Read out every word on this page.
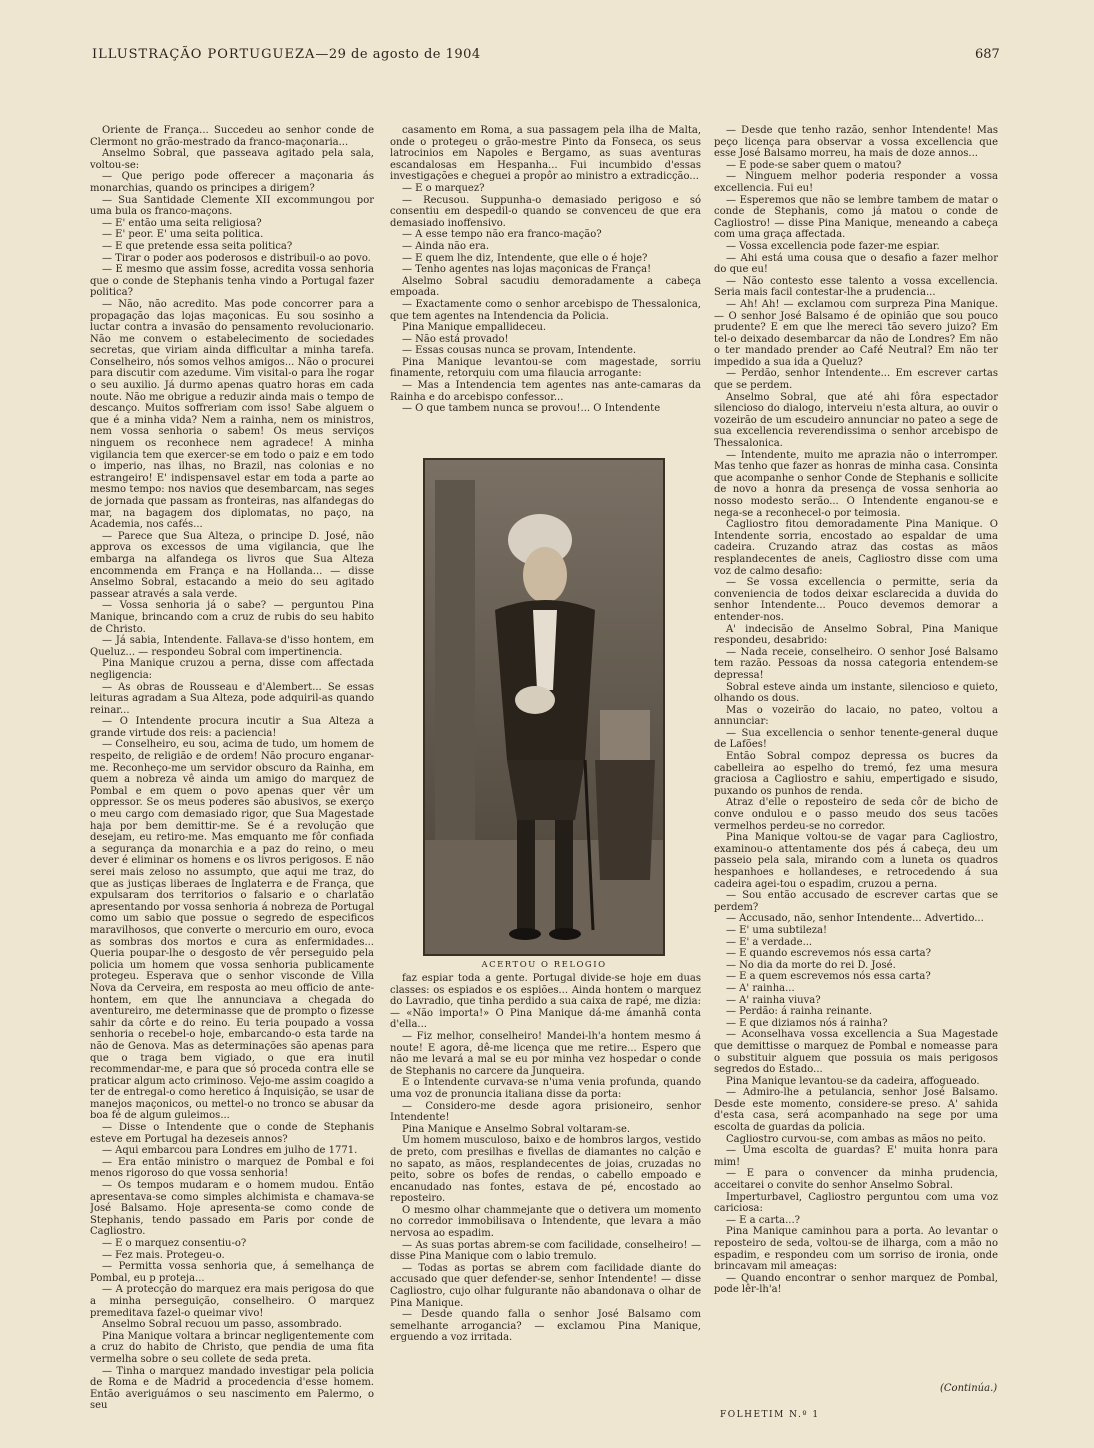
ILLUSTRAÇÃO PORTUGUEZA—29 de agosto de 1904	687

Oriente de França... Succedeu ao senhor conde de Clermont no grão-mestrado da franco-maçonaria...

Anselmo Sobral, que passeava agitado pela sala, voltou-se:

— Que perigo pode offerecer a maçonaria ás monarchias, quando os principes a dirigem?

— Sua Santidade Clemente XII excommungou por uma bula os franco-maçons.

— E' então uma seita religiosa?

— E' peor. E' uma seita politica.

— E que pretende essa seita politica?

— Tirar o poder aos poderosos e distribuil-o ao povo.

— E mesmo que assim fosse, acredita vossa senhoria que o conde de Stephanis tenha vindo a Portugal fazer politica?

— Não, não acredito. Mas pode concorrer para a propagação das lojas maçonicas. Eu sou sosinho a luctar contra a invasão do pensamento revolucionario. Não me convem o estabelecimento de sociedades secretas, que viriam ainda difficultar a minha tarefa. Conselheiro, nós somos velhos amigos... Não o procurei para discutir com azedume. Vim visital-o para lhe rogar o seu auxilio. Já durmo apenas quatro horas em cada noute. Não me obrigue a reduzir ainda mais o tempo de descanço. Muitos soffreriam com isso! Sabe alguem o que é a minha vida? Nem a rainha, nem os ministros, nem vossa senhoria o sabem! Os meus serviços ninguem os reconhece nem agradece! A minha vigilancia tem que exercer-se em todo o paiz e em todo o imperio, nas ilhas, no Brazil, nas colonias e no estrangeiro! E' indispensavel estar em toda a parte ao mesmo tempo: nos navios que desembarcam, nas seges de jornada que passam as fronteiras, nas alfandegas do mar, na bagagem dos diplomatas, no paço, na Academia, nos cafés...

— Parece que Sua Alteza, o principe D. José, não approva os excessos de uma vigilancia, que lhe embarga na alfandega os livros que Sua Alteza encommenda em França e na Hollanda... — disse Anselmo Sobral, estacando a meio do seu agitado passear através a sala verde.

— Vossa senhoria já o sabe? — perguntou Pina Manique, brincando com a cruz de rubis do seu habito de Christo.

— Já sabia, Intendente. Fallava-se d'isso hontem, em Queluz... — respondeu Sobral com impertinencia.

Pina Manique cruzou a perna, disse com affectada negligencia:

— As obras de Rousseau e d'Alembert... Se essas leituras agradam a Sua Alteza, pode adquiril-as quando reinar...

— O Intendente procura incutir a Sua Alteza a grande virtude dos reis: a paciencia!

— Conselheiro, eu sou, acima de tudo, um homem de respeito, de religião e de ordem! Não procuro enganar-me. Reconheço-me um servidor obscuro da Rainha, em quem a nobreza vê ainda um amigo do marquez de Pombal e em quem o povo apenas quer vêr um oppressor. Se os meus poderes são abusivos, se exerço o meu cargo com demasiado rigor, que Sua Magestade haja por bem demittir-me. Se é a revolução que desejam, eu retiro-me. Mas emquanto me fôr confiada a segurança da monarchia e a paz do reino, o meu dever é eliminar os homens e os livros perigosos. E não serei mais zeloso no assumpto, que aqui me traz, do que as justiças liberaes de Inglaterra e de França, que expulsaram dos territorios o falsario e o charlatão apresentando por vossa senhoria á nobreza de Portugal como um sabio que possue o segredo de especificos maravilhosos, que converte o mercurio em ouro, evoca as sombras dos mortos e cura as enfermidades... Queria poupar-lhe o desgosto de vêr perseguido pela policia um homem que vossa senhoria publicamente protegeu. Esperava que o senhor visconde de Villa Nova da Cerveira, em resposta ao meu officio de ante-hontem, em que lhe annunciava a chegada do aventureiro, me determinasse que de prompto o fizesse sahir da côrte e do reino. Eu teria poupado a vossa senhoria o recebel-o hoje, embarcando-o esta tarde na não de Genova. Mas as determinações são apenas para que o traga bem vigiado, o que era inutil recommendar-me, e para que só proceda contra elle se praticar algum acto criminoso. Vejo-me assim coagido a ter de entregal-o como heretico á Inquisição, se usar de manejos maçonicos, ou mettel-o no tronco se abusar da boa fé de algum guleimos...

— Disse o Intendente que o conde de Stephanis esteve em Portugal ha dezeseis annos?

— Aqui embarcou para Londres em julho de 1771.

— Era então ministro o marquez de Pombal e foi menos rigoroso do que vossa senhoria!

— Os tempos mudaram e o homem mudou. Então apresentava-se como simples alchimista e chamava-se José Balsamo. Hoje apresenta-se como conde de Stephanis, tendo passado em Paris por conde de Cagliostro.

— E o marquez consentiu-o?

— Fez mais. Protegeu-o.

— Permitta vossa senhoria que, á semelhança de Pombal, eu p proteja...

— A protecção do marquez era mais perigosa do que a minha perseguição, conselheiro. O marquez premeditava fazel-o queimar vivo!

Anselmo Sobral recuou um passo, assombrado.

Pina Manique voltara a brincar negligentemente com a cruz do habito de Christo, que pendia de uma fita vermelha sobre o seu collete de seda preta.

— Tinha o marquez mandado investigar pela policia de Roma e de Madrid a procedencia d'esse homem. Então averiguámos o seu nascimento em Palermo, o seu

casamento em Roma, a sua passagem pela ilha de Malta, onde o protegeu o grão-mestre Pinto da Fonseca, os seus latrocinios em Napoles e Bergamo, as suas aventuras escandalosas em Hespanha... Fui incumbido d'essas investigações e cheguei a propôr ao ministro a extradicção...

— E o marquez?

— Recusou. Suppunha-o demasiado perigoso e só consentiu em despedil-o quando se convenceu de que era demasiado inoffensivo.

— A esse tempo não era franco-mação?

— Ainda não era.

— E quem lhe diz, Intendente, que elle o é hoje?

— Tenho agentes nas lojas maçonicas de França!

Alselmo Sobral sacudiu demoradamente a cabeça empoada.

— Exactamente como o senhor arcebispo de Thessalonica, que tem agentes na Intendencia da Policia.

Pina Manique empallideceu.

— Não está provado!

— Essas cousas nunca se provam, Intendente.

Pina Manique levantou-se com magestade, sorriu finamente, retorquiu com uma filaucia arrogante:

— Mas a Intendencia tem agentes nas ante-camaras da Rainha e do arcebispo confessor...

— O que tambem nunca se provou!... O Intendente

ACERTOU O RELOGIO

faz espiar toda a gente. Portugal divide-se hoje em duas classes: os espiados e os espiões... Ainda hontem o marquez do Lavradio, que tinha perdido a sua caixa de rapé, me dizia: — «Não importa!» O Pina Manique dá-me ámanhã conta d'ella...

— Fiz melhor, conselheiro! Mandei-lh'a hontem mesmo á noute! E agora, dê-me licença que me retire... Espero que não me levará a mal se eu por minha vez hospedar o conde de Stephanis no carcere da Junqueira.

E o Intendente curvava-se n'uma venia profunda, quando uma voz de pronuncia italiana disse da porta:

— Considero-me desde agora prisioneiro, senhor Intendente!

Pina Manique e Anselmo Sobral voltaram-se.

Um homem musculoso, baixo e de hombros largos, vestido de preto, com presilhas e fivellas de diamantes no calção e no sapato, as mãos, resplandecentes de joias, cruzadas no peito, sobre os bofes de rendas, o cabello empoado e encanudado nas fontes, estava de pé, encostado ao reposteiro.

O mesmo olhar chammejante que o detivera um momento no corredor immobilisava o Intendente, que levara a mão nervosa ao espadim.

— As suas portas abrem-se com facilidade, conselheiro! — disse Pina Manique com o labio tremulo.

— Todas as portas se abrem com facilidade diante do accusado que quer defender-se, senhor Intendente! — disse Cagliostro, cujo olhar fulgurante não abandonava o olhar de Pina Manique.

— Desde quando falla o senhor José Balsamo com semelhante arrogancia? — exclamou Pina Manique, erguendo a voz irritada.

— Desde que tenho razão, senhor Intendente! Mas peço licença para observar a vossa excellencia que esse José Balsamo morreu, ha mais de doze annos...

— E pode-se saber quem o matou?

— Ninguem melhor poderia responder a vossa excellencia. Fui eu!

— Esperemos que não se lembre tambem de matar o conde de Stephanis, como já matou o conde de Cagliostro! — disse Pina Manique, meneando a cabeça com uma graça affectada.

— Vossa excellencia pode fazer-me espiar.

— Ahi está uma cousa que o desafio a fazer melhor do que eu!

— Não contesto esse talento a vossa excellencia. Seria mais facil contestar-lhe a prudencia...

— Ah! Ah! — exclamou com surpreza Pina Manique. — O senhor José Balsamo é de opinião que sou pouco prudente? E em que lhe mereci tão severo juizo? Em tel-o deixado desembarcar da não de Londres? Em não o ter mandado prender ao Café Neutral? Em não ter impedido a sua ida a Queluz?

— Perdão, senhor Intendente... Em escrever cartas que se perdem.

Anselmo Sobral, que até ahi fôra espectador silencioso do dialogo, interveiu n'esta altura, ao ouvir o vozeirão de um escudeiro annunciar no pateo a sege de sua excellencia reverendissima o senhor arcebispo de Thessalonica.

— Intendente, muito me aprazia não o interromper. Mas tenho que fazer as honras de minha casa. Consinta que acompanhe o senhor Conde de Stephanis e sollicite de novo a honra da presença de vossa senhoria ao nosso modesto serão... O Intendente enganou-se e nega-se a reconhecel-o por teimosia.

Cagliostro fitou demoradamente Pina Manique. O Intendente sorria, encostado ao espaldar de uma cadeira. Cruzando atraz das costas as mãos resplandecentes de aneis, Cagliostro disse com uma voz de calmo desafio:

— Se vossa excellencia o permitte, seria da conveniencia de todos deixar esclarecida a duvida do senhor Intendente... Pouco devemos demorar a entender-nos.

A' indecisão de Anselmo Sobral, Pina Manique respondeu, desabrido:

— Nada receie, conselheiro. O senhor José Balsamo tem razão. Pessoas da nossa categoria entendem-se depressa!

Sobral esteve ainda um instante, silencioso e quieto, olhando os dous.

Mas o vozeirão do lacaio, no pateo, voltou a annunciar:

— Sua excellencia o senhor tenente-general duque de Lafões!

Então Sobral compoz depressa os bucres da cabelleira ao espelho do tremó, fez uma mesura graciosa a Cagliostro e sahiu, empertigado e sisudo, puxando os punhos de renda.

Atraz d'elle o reposteiro de seda côr de bicho de conve ondulou e o passo meudo dos seus tacões vermelhos perdeu-se no corredor.

Pina Manique voltou-se de vagar para Cagliostro, examinou-o attentamente dos pés á cabeça, deu um passeio pela sala, mirando com a luneta os quadros hespanhoes e hollandeses, e retrocedendo á sua cadeira agei-tou o espadim, cruzou a perna.

— Sou então accusado de escrever cartas que se perdem?

— Accusado, não, senhor Intendente... Advertido...

— E' uma subtileza!

— E' a verdade...

— E quando escrevemos nós essa carta?

— No dia da morte do rei D. José.

— E a quem escrevemos nós essa carta?

— A' rainha...

— A' rainha viuva?

— Perdão: á rainha reinante.

— E que diziamos nós á rainha?

— Aconselhava vossa excellencia a Sua Magestade que demittisse o marquez de Pombal e nomeasse para o substituir alguem que possuia os mais perigosos segredos do Estado...

Pina Manique levantou-se da cadeira, affogueado.

— Admiro-lhe a petulancia, senhor José Balsamo. Desde este momento, considere-se preso. A' sahida d'esta casa, será acompanhado na sege por uma escolta de guardas da policia.

Cagliostro curvou-se, com ambas as mãos no peito.

— Uma escolta de guardas? E' muita honra para mim!

— E para o convencer da minha prudencia, acceitarei o convite do senhor Anselmo Sobral.

Imperturbavel, Cagliostro perguntou com uma voz cariciosa:

— E a carta...?

Pina Manique caminhou para a porta. Ao levantar o reposteiro de seda, voltou-se de ilharga, com a mão no espadim, e respondeu com um sorriso de ironia, onde brincavam mil ameaças:

— Quando encontrar o senhor marquez de Pombal, pode lêr-lh'a!

(Continúa.)
FOLHETIM N.º 1
